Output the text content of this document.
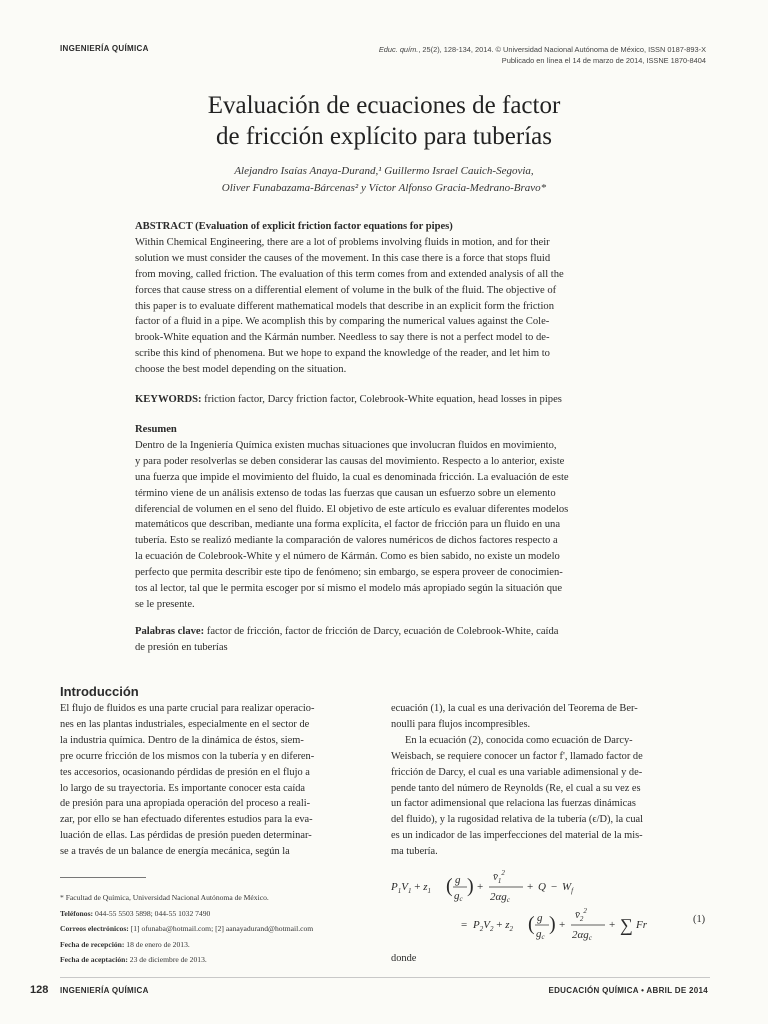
INGENIERÍA QUÍMICA	Educ. quím., 25(2), 128-134, 2014. © Universidad Nacional Autónoma de México, ISSN 0187-893-X
Publicado en línea el 14 de marzo de 2014, ISSNE 1870-8404
Evaluación de ecuaciones de factor
de fricción explícito para tuberías
Alejandro Isaías Anaya-Durand,¹ Guillermo Israel Cauich-Segovia,
Oliver Funabazama-Bárcenas² y Víctor Alfonso Gracia-Medrano-Bravo*

ABSTRACT (Evaluation of explicit friction factor equations for pipes)

Within Chemical Engineering, there are a lot of problems involving fluids in motion, and for their
solution we must consider the causes of the movement. In this case there is a force that stops fluid
from moving, called friction. The evaluation of this term comes from and extended analysis of all the
forces that cause stress on a differential element of volume in the bulk of the fluid. The objective of
this paper is to evaluate different mathematical models that describe in an explicit form the friction
factor of a fluid in a pipe. We acomplish this by comparing the numerical values against the Cole-
brook-White equation and the Kármán number. Needless to say there is not a perfect model to de-
scribe this kind of phenomena. But we hope to expand the knowledge of the reader, and let him to
choose the best model depending on the situation.
KEYWORDS: friction factor, Darcy friction factor, Colebrook-White equation, head losses in pipes

Resumen

Dentro de la Ingeniería Química existen muchas situaciones que involucran fluidos en movimiento,
y para poder resolverlas se deben considerar las causas del movimiento. Respecto a lo anterior, existe
una fuerza que impide el movimiento del fluido, la cual es denominada fricción. La evaluación de este
término viene de un análisis extenso de todas las fuerzas que causan un esfuerzo sobre un elemento
diferencial de volumen en el seno del fluido. El objetivo de este artículo es evaluar diferentes modelos
matemáticos que describan, mediante una forma explícita, el factor de fricción para un fluido en una
tubería. Esto se realizó mediante la comparación de valores numéricos de dichos factores respecto a
la ecuación de Colebrook-White y el número de Kármán. Como es bien sabido, no existe un modelo
perfecto que permita describir este tipo de fenómeno; sin embargo, se espera proveer de conocimien-
tos al lector, tal que le permita escoger por sí mismo el modelo más apropiado según la situación que
se le presente.
Palabras clave: factor de fricción, factor de fricción de Darcy, ecuación de Colebrook-White, caída
de presión en tuberías
Introducción
El flujo de fluidos es una parte crucial para realizar operacio-
nes en las plantas industriales, especialmente en el sector de
la industria química. Dentro de la dinámica de éstos, siem-
pre ocurre fricción de los mismos con la tubería y en diferen-
tes accesorios, ocasionando pérdidas de presión en el flujo a
lo largo de su trayectoria. Es importante conocer esta caída
de presión para una apropiada operación del proceso a reali-
zar, por ello se han efectuado diferentes estudios para la eva-
luación de ellas. Las pérdidas de presión pueden determinar-
se a través de un balance de energía mecánica, según la
ecuación (1), la cual es una derivación del Teorema de Ber-
noulli para flujos incompresibles.
En la ecuación (2), conocida como ecuación de Darcy-
Weisbach, se requiere conocer un factor f', llamado factor de
fricción de Darcy, el cual es una variable adimensional y de-
pende tanto del número de Reynolds (Re, el cual a su vez es
un factor adimensional que relaciona las fuerzas dinámicas
del fluido), y la rugosidad relativa de la tubería (ϵ/D), la cual
es un indicador de las imperfecciones del material de la mis-
ma tubería.
$P_1V_1 + z_1$ ( g
gc
) +
$v̄_1^2$
2αgc
+ $Q - W_f$
= $P_2V_2 + z_2$ ( g
gc
) +
$v̄_2^2$
2αgc
+ ∑ Fr	(1)
donde

* Facultad de Química, Universidad Nacional Autónoma de México.

Teléfonos: 044-55 5503 5898; 044-55 1032 7490

Correos electrónicos: [1] ofunaba@hotmail.com; [2] aanayadurand@hotmail.com

Fecha de recepción: 18 de enero de 2013.

Fecha de aceptación: 23 de diciembre de 2013.

128 INGENIERÍA QUÍMICA	EDUCACIÓN QUÍMICA • ABRIL DE 2014
